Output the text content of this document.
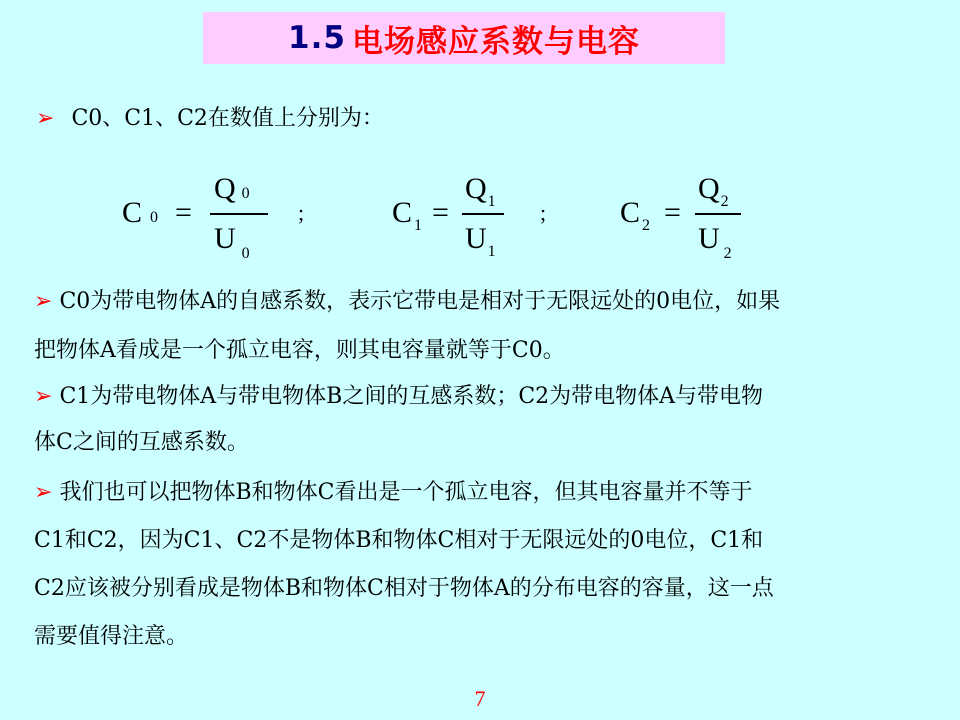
1.5 电场感应系数与电容
➢ C0、C1、C2在数值上分别为：
C 0 =
Q 0
U $_0$
;	C $_1$ =
$Q_1$
$U_1$
; C $_2$ =
$Q_2$
U $_2$
➢ C0为带电物体A的自感系数，表示它带电是相对于无限远处的0电位，如果
把物体A看成是一个孤立电容，则其电容量就等于C0。
➢ C1为带电物体A与带电物体B之间的互感系数；C2为带电物体A与带电物
体C之间的互感系数。
➢ 我们也可以把物体B和物体C看出是一个孤立电容，但其电容量并不等于
C1和C2，因为C1、C2不是物体B和物体C相对于无限远处的0电位，C1和
C2应该被分别看成是物体B和物体C相对于物体A的分布电容的容量，这一点
需要值得注意。
7
